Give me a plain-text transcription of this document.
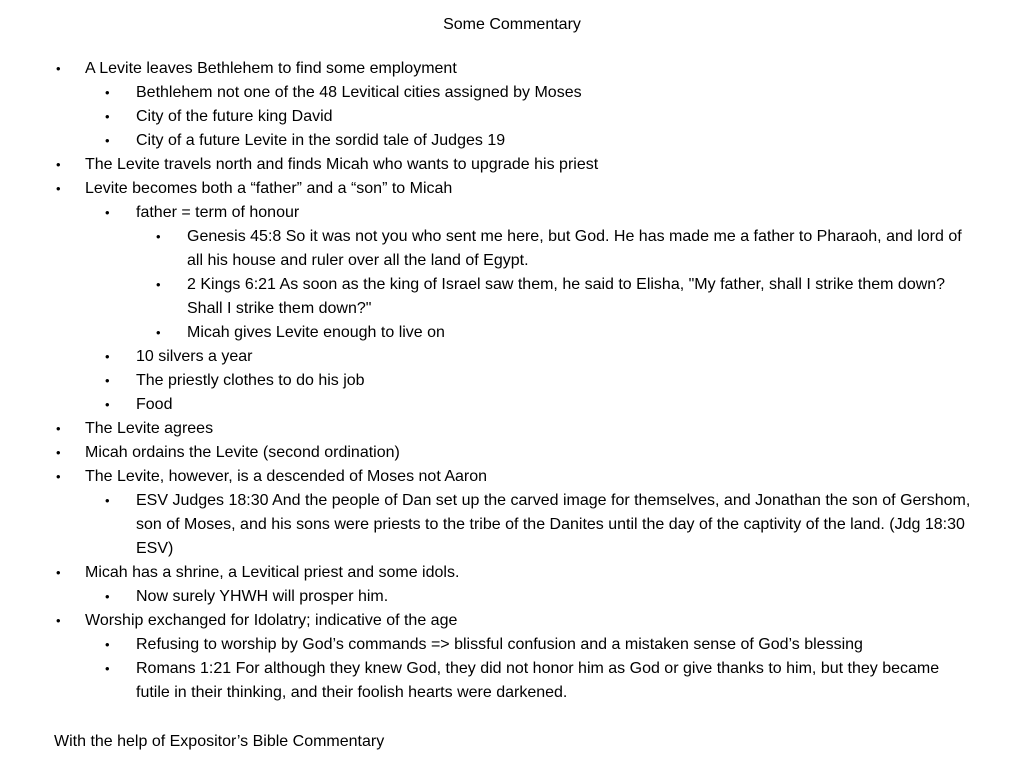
Some Commentary
• A Levite leaves Bethlehem to find some employment
• Bethlehem not one of the 48 Levitical cities assigned by Moses
• City of the future king David
• City of a future Levite in the sordid tale of Judges 19
• The Levite travels north and finds Micah who wants to upgrade his priest
• Levite becomes both a “father” and a “son” to Micah
• father = term of honour
• Genesis 45:8 So it was not you who sent me here, but God. He has made me a father to Pharaoh, and lord of all his house and ruler over all the land of Egypt.
• 2 Kings 6:21 As soon as the king of Israel saw them, he said to Elisha, "My father, shall I strike them down? Shall I strike them down?"
• Micah gives Levite enough to live on
• 10 silvers a year
• The priestly clothes to do his job
• Food
• The Levite agrees
• Micah ordains the Levite (second ordination)
• The Levite, however, is a descended of Moses not Aaron
• ESV Judges 18:30 And the people of Dan set up the carved image for themselves, and Jonathan the son of Gershom, son of Moses, and his sons were priests to the tribe of the Danites until the day of the captivity of the land. (Jdg 18:30 ESV)
• Micah has a shrine, a Levitical priest and some idols.
• Now surely YHWH will prosper him.
• Worship exchanged for Idolatry; indicative of the age
• Refusing to worship by God’s commands => blissful confusion and a mistaken sense of God’s blessing
• Romans 1:21 For although they knew God, they did not honor him as God or give thanks to him, but they became futile in their thinking, and their foolish hearts were darkened.
With the help of Expositor’s Bible Commentary
